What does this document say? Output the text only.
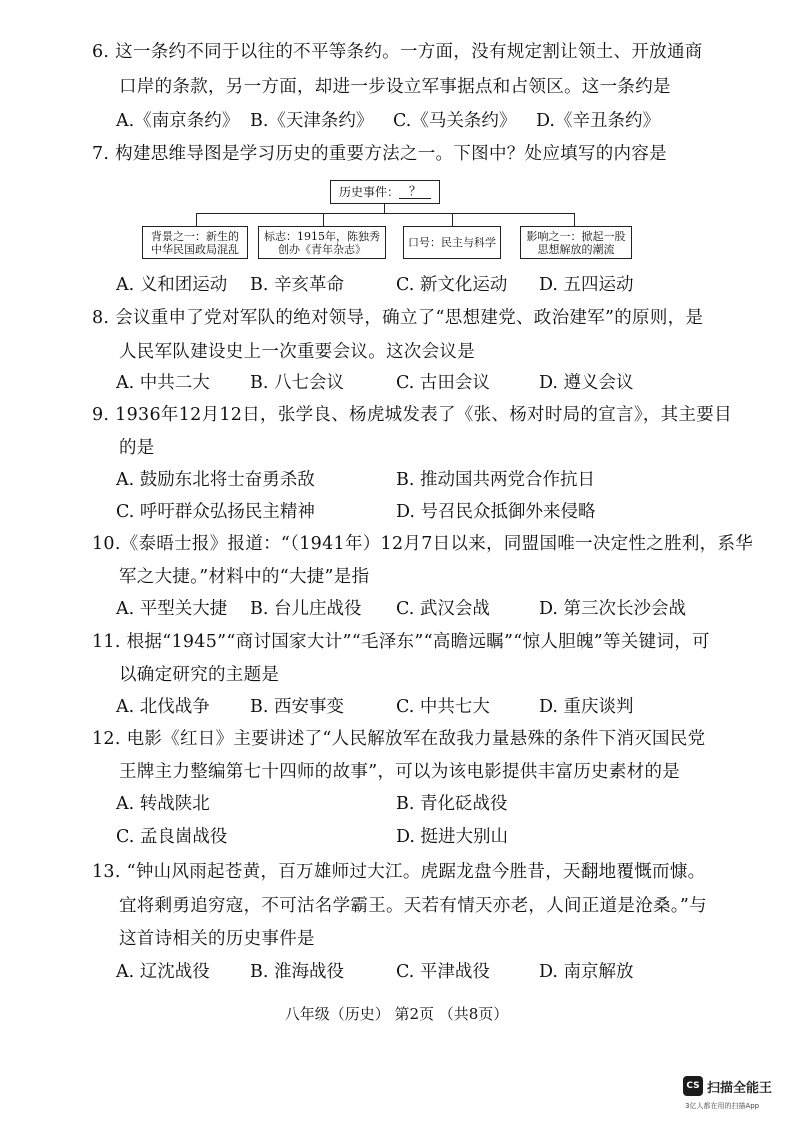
6. 这一条约不同于以往的不平等条约。一方面，没有规定割让领土、开放通商
口岸的条款，另一方面，却进一步设立军事据点和占领区。这一条约是
A.《南京条约》 B.《天津条约》 C.《马关条约》 D.《辛丑条约》
7. 构建思维导图是学习历史的重要方法之一。下图中？处应填写的内容是
历史事件： ？
背景之一：新生的
中华民国政局混乱
标志：1915年，陈独秀
创办《青年杂志》	口号：民主与科学	影响之一：掀起一股
思想解放的潮流
A. 义和团运动 B. 辛亥革命	C. 新文化运动 D. 五四运动
8. 会议重申了党对军队的绝对领导，确立了“思想建党、政治建军”的原则，是
人民军队建设史上一次重要会议。这次会议是
A. 中共二大 B. 八七会议	C. 古田会议	D. 遵义会议
9. 1936年12月12日，张学良、杨虎城发表了《张、杨对时局的宣言》，其主要目
的是
A. 鼓励东北将士奋勇杀敌	B. 推动国共两党合作抗日
C. 呼吁群众弘扬民主精神	D. 号召民众抵御外来侵略
10.《泰晤士报》报道：“（1941年）12月7日以来，同盟国唯一决定性之胜利，系华
军之大捷。”材料中的“大捷”是指
A. 平型关大捷 B. 台儿庄战役 C. 武汉会战	D. 第三次长沙会战
11. 根据“1945”“商讨国家大计”“毛泽东”“高瞻远瞩”“惊人胆魄”等关键词，可
以确定研究的主题是
A. 北伐战争 B. 西安事变	C. 中共七大	D. 重庆谈判
12. 电影《红日》主要讲述了“人民解放军在敌我力量悬殊的条件下消灭国民党
王牌主力整编第七十四师的故事”，可以为该电影提供丰富历史素材的是
A. 转战陕北	B. 青化砭战役
C. 孟良崮战役	D. 挺进大别山
13. “钟山风雨起苍黄，百万雄师过大江。虎踞龙盘今胜昔，天翻地覆慨而慷。
宜将剩勇追穷寇，不可沽名学霸王。天若有情天亦老，人间正道是沧桑。”与
这首诗相关的历史事件是
A. 辽沈战役 B. 淮海战役	C. 平津战役	D. 南京解放
八年级（历史） 第2页 （共8页）
CS 扫描全能王
3亿人都在用的扫描App
